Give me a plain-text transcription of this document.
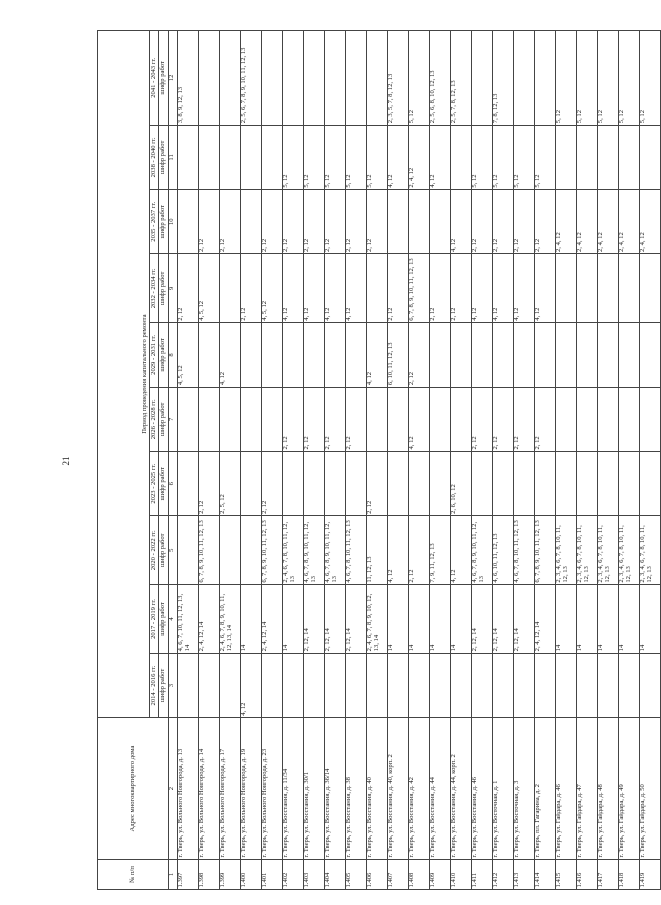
21
№ п/п	Адрес многоквартирного дома	Период проведения капитального ремонта									
		2014 - 2016 гг.	2017 - 2019 гг.	2020 - 2022 гг.	2023 - 2025 гг.	2026 - 2028 гг.	2029 - 2031 гг.	2032 - 2034 гг.	2035 - 2037 гг.	2038 - 2040 гг.	2041 - 2043 гг.
		шифр работ	шифр работ	шифр работ	шифр работ	шифр работ	шифр работ	шифр работ	шифр работ	шифр работ	шифр работ
1	2	3	4	5	6	7	8	9	10	11	12
1.397	г. Тверь, ул. Вольного Новгорода, д. 13		4, 6, 7, 10, 11, 12, 13, 14				4, 5, 12	2, 12			3, 8, 9, 12, 13
1.398	г. Тверь, ул. Вольного Новгорода, д. 14		2, 4, 12, 14	6, 7, 8, 9, 10, 11, 12, 13	2, 12			4, 5, 12	2, 12		
1.399	г. Тверь, ул. Вольного Новгорода, д. 17		2, 4, 6, 7, 8, 9, 10, 11, 12, 13, 14		2, 5, 12		4, 12		2, 12		
1.400	г. Тверь, ул. Вольного Новгорода, д. 19	4, 12	14					2, 12			2, 5, 6, 7, 8, 9, 10, 11, 12, 13
1.401	г. Тверь, ул. Вольного Новгорода, д. 23		2, 4, 12, 14	6, 7, 8, 9, 10, 11, 12, 13	2, 12			4, 5, 12	2, 12		
1.402	г. Тверь, ул. Восстания, д. 11/34		14	2, 4, 6, 7, 8, 10, 11, 12, 13		2, 12		4, 12	2, 12	5, 12	
1.403	г. Тверь, ул. Восстания, д. 30/1		2, 12, 14	4, 6, 7, 8, 9, 10, 11, 12, 13		2, 12		4, 12	2, 12	5, 12	
1.404	г. Тверь, ул. Восстания, д. 36/14		2, 12, 14	4, 6, 7, 8, 9, 10, 11, 12, 13		2, 12		4, 12	2, 12	5, 12	
1.405	г. Тверь, ул. Восстания, д. 38		2, 12, 14	4, 6, 7, 8, 10, 11, 12, 13		2, 12		4, 12	2, 12	5, 12	
1.406	г. Тверь, ул. Восстания, д. 40		2, 4, 6, 7, 8, 9, 10, 12, 13, 14	11, 12, 13	2, 12		4, 12		2, 12	5, 12	
1.407	г. Тверь, ул. Восстания, д. 40, корп. 2		14	4, 12			6, 10, 11, 12, 13	2, 12		4, 12	2, 3, 5, 7, 8, 12, 13
1.408	г. Тверь, ул. Восстания, д. 42		14	2, 12		4, 12	2, 12	6, 7, 8, 9, 10, 11, 12, 13		2, 4, 12	5, 12
1.409	г. Тверь, ул. Восстания, д. 44		14	7, 9, 11, 12, 13				2, 12		4, 12	2, 5, 6, 8, 10, 12, 13
1.410	г. Тверь, ул. Восстания, д. 44, корп. 2		14	4, 12	2, 6, 10, 12			2, 12	4, 12		2, 5, 7, 8, 12, 13
1.411	г. Тверь, ул. Восстания, д. 46		2, 12, 14	4, 6, 7, 8, 9, 10, 11, 12, 13		2, 12		4, 12	2, 12	5, 12	
1.412	г. Тверь, ул. Восточная, д. 1		2, 12, 14	4, 6, 10, 11, 12, 13		2, 12		4, 12	2, 12	5, 12	7, 8, 12, 13
1.413	г. Тверь, ул. Восточная, д. 3		2, 12, 14	4, 6, 7, 8, 10, 11, 12, 13		2, 12		4, 12	2, 12	5, 12	
1.414	г. Тверь, пл. Гагарина, д. 2		2, 4, 12, 14	6, 7, 8, 9, 10, 11, 12, 13		2, 12		4, 12	2, 12	5, 12	
1.415	г. Тверь, ул. Гайдара, д. 46		14	2, 3, 4, 6, 7, 8, 10, 11, 12, 13					2, 4, 12		5, 12
1.416	г. Тверь, ул. Гайдара, д. 47		14	2, 3, 4, 6, 7, 8, 10, 11, 12, 13					2, 4, 12		5, 12
1.417	г. Тверь, ул. Гайдара, д. 48		14	2, 3, 4, 6, 7, 8, 10, 11, 12, 13					2, 4, 12		5, 12
1.418	г. Тверь, ул. Гайдара, д. 49		14	2, 3, 4, 6, 7, 8, 10, 11, 12, 13					2, 4, 12		5, 12
1.419	г. Тверь, ул. Гайдара, д. 50		14	2, 3, 4, 6, 7, 8, 10, 11, 12, 13					2, 4, 12		5, 12
